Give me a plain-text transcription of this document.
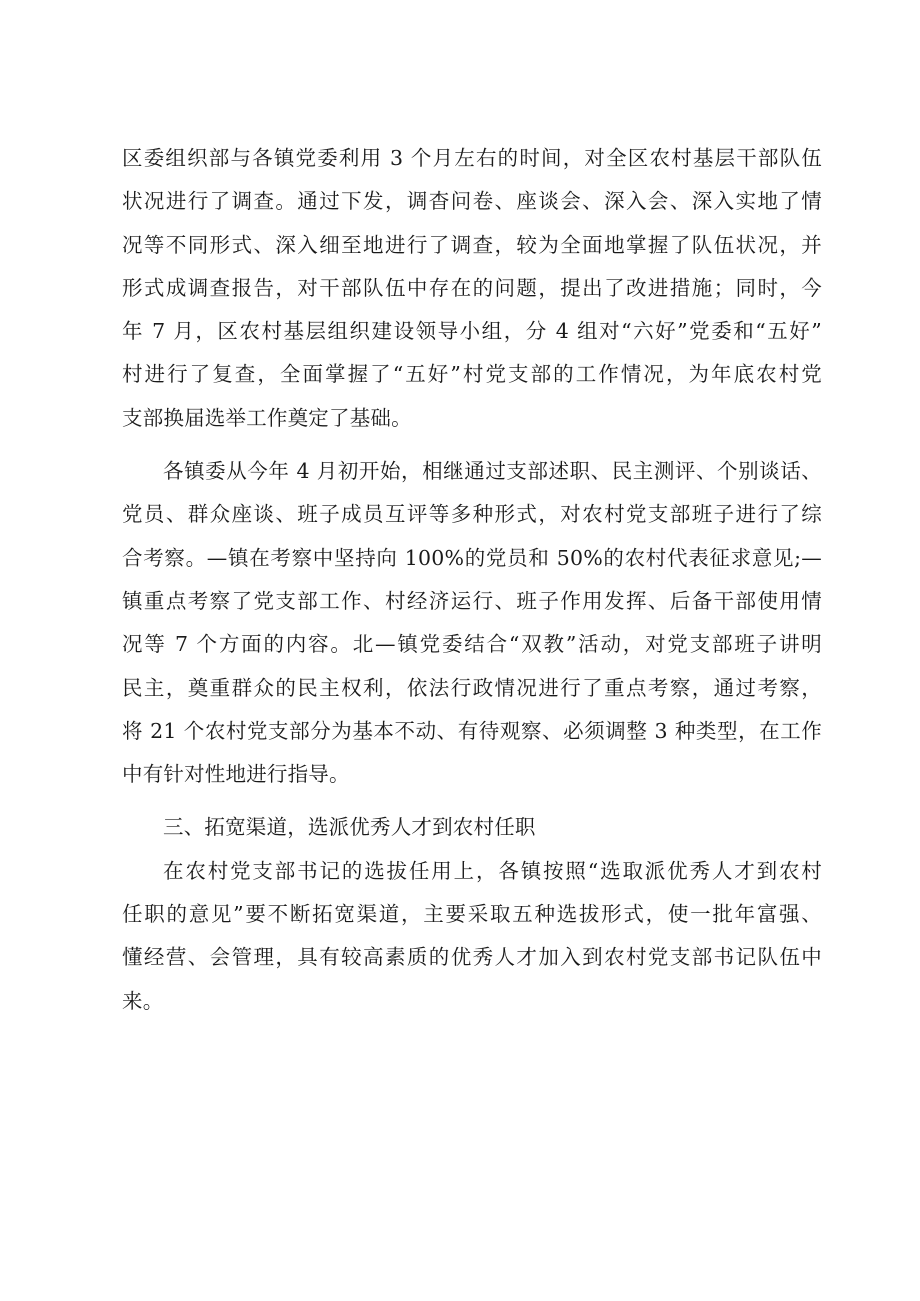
区委组织部与各镇党委利用 3 个月左右的时间，对全区农村基层干部队伍
状况进行了调查。通过下发，调杳问卷、座谈会、深入会、深入实地了情
况等不同形式、深入细至地进行了调查，较为全面地掌握了队伍状况，并
形式成调查报告，对干部队伍中存在的问题，提出了改进措施；同时，今
年 7 月，区农村基层组织建设领导小组，分 4 组对“六好”党委和“五好”
村进行了复查，全面掌握了“五好”村党支部的工作情况，为年底农村党
支部换届选举工作奠定了基础。
各镇委从今年 4 月初开始，相继通过支部述职、民主测评、个别谈话、
党员、群众座谈、班子成员互评等多种形式，对农村党支部班子进行了综
合考察。—镇在考察中坚持向 100%的党员和 50%的农村代表征求意见;—
镇重点考察了党支部工作、村经济运行、班子作用发挥、后备干部使用情
况等 7 个方面的内容。北—镇党委结合“双教”活动，对党支部班子讲明
民主，奠重群众的民主权利，依法行政情况进行了重点考察，通过考察，
将 21 个农村党支部分为基本不动、有待观察、必须调整 3 种类型，在工作
中有针对性地进行指导。
三、拓宽渠道，选派优秀人才到农村任职
在农村党支部书记的选拔任用上，各镇按照“选取派优秀人才到农村
任职的意见”要不断拓宽渠道，主要采取五种选拔形式，使一批年富强、
懂经营、会管理，具有较高素质的优秀人才加入到农村党支部书记队伍中
来。
